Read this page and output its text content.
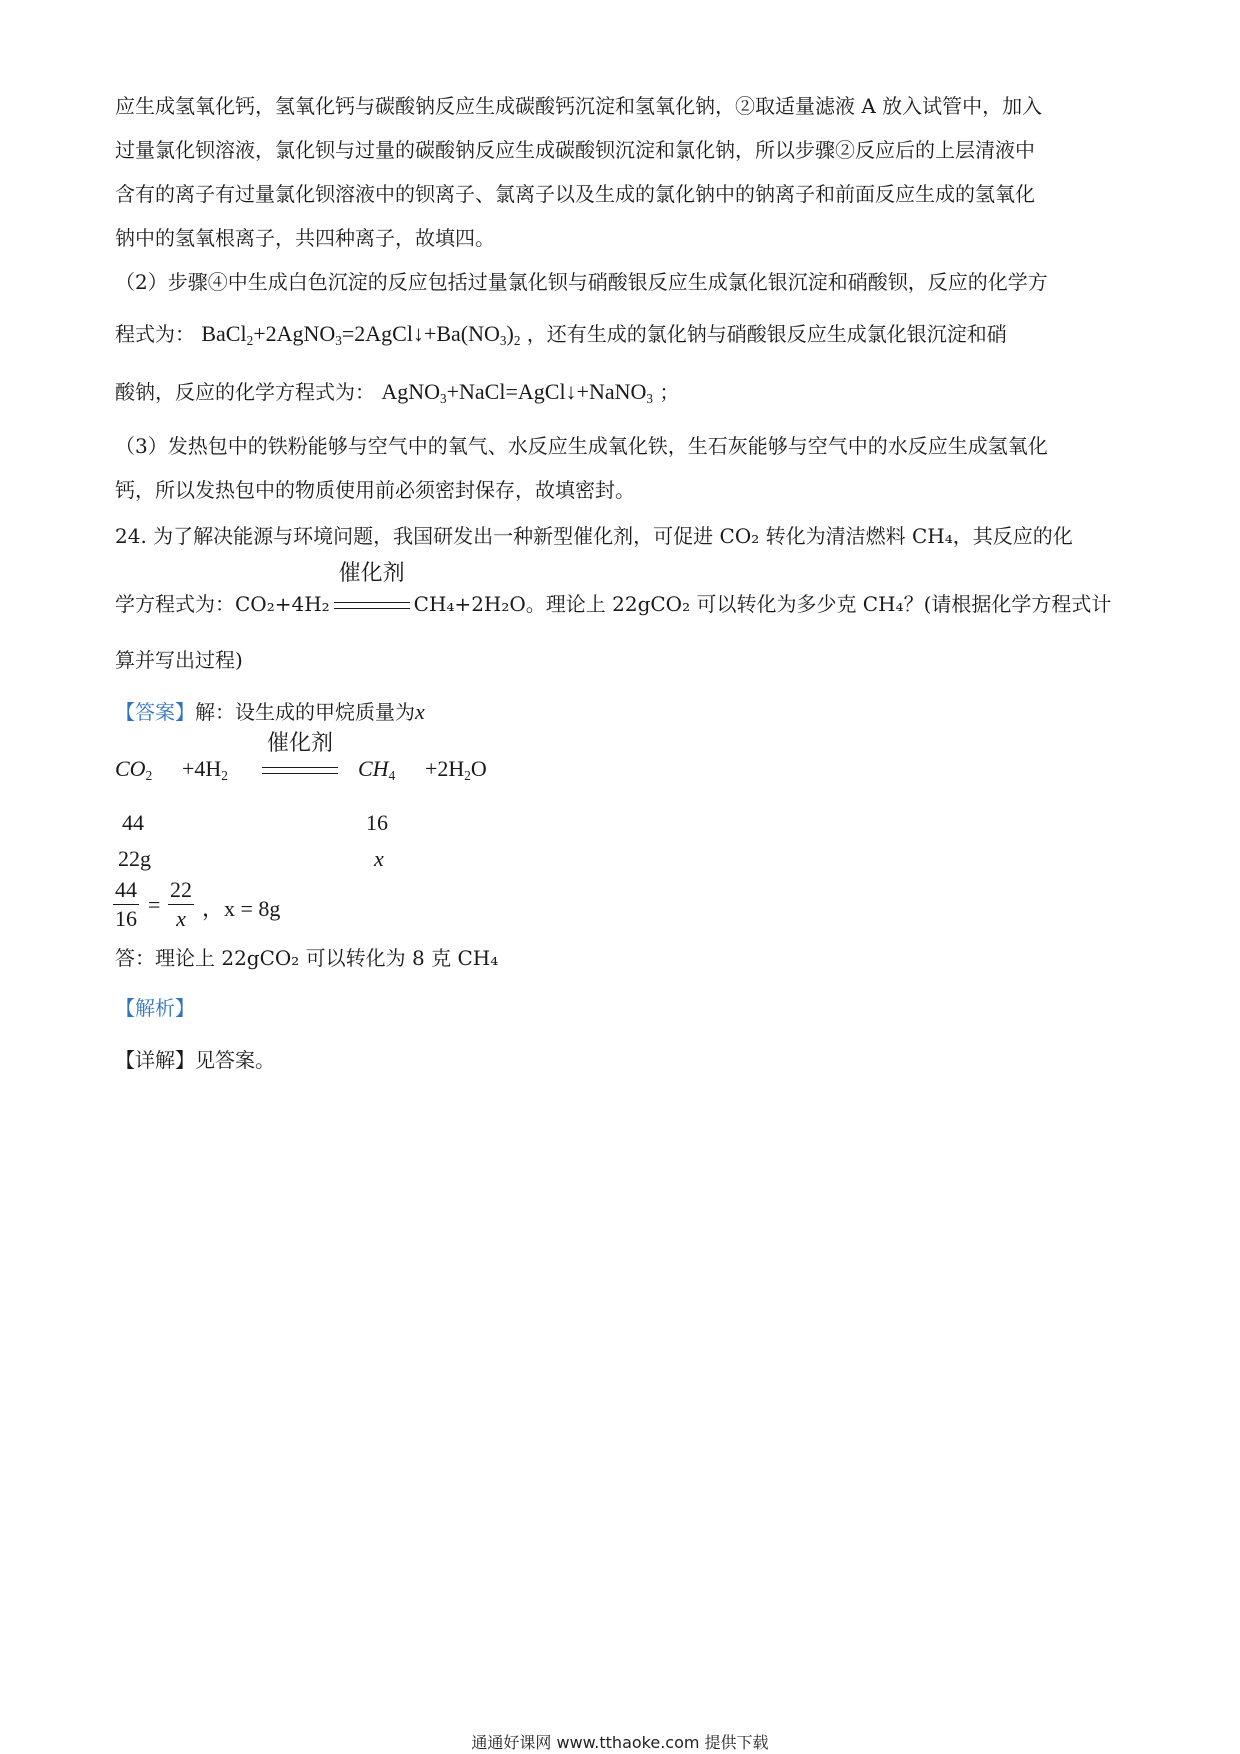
应生成氢氧化钙，氢氧化钙与碳酸钠反应生成碳酸钙沉淀和氢氧化钠，②取适量滤液 A 放入试管中，加入
过量氯化钡溶液，氯化钡与过量的碳酸钠反应生成碳酸钡沉淀和氯化钠，所以步骤②反应后的上层清液中
含有的离子有过量氯化钡溶液中的钡离子、氯离子以及生成的氯化钠中的钠离子和前面反应生成的氢氧化
钠中的氢氧根离子，共四种离子，故填四。
（2）步骤④中生成白色沉淀的反应包括过量氯化钡与硝酸银反应生成氯化银沉淀和硝酸钡，反应的化学方
程式为： $BaCl_2+2AgNO_3=2AgCl↓+Ba(NO_3)_2$ ，还有生成的氯化钠与硝酸银反应生成氯化银沉淀和硝
酸钠，反应的化学方程式为： AgNO$_3$+NaCl=AgCl↓+NaNO$_3$ ；
（3）发热包中的铁粉能够与空气中的氧气、水反应生成氧化铁，生石灰能够与空气中的水反应生成氢氧化
钙，所以发热包中的物质使用前必须密封保存，故填密封。
24. 为了解决能源与环境问题，我国研发出一种新型催化剂，可促进 CO₂ 转化为清洁燃料 CH₄，其反应的化
学方程式为：CO₂+4H₂
催化剂
CH₄+2H₂O。理论上 22gCO₂ 可以转化为多少克 CH₄？(请根据化学方程式计
算并写出过程)
【答案】解：设生成的甲烷质量为x
$CO_2 +4H_2$
催化剂
$CH_4 +2H_2O$
44	16
22g	x
$\frac{44}{16} = \frac{22}{x}$ ，x = 8g
答：理论上 22gCO₂ 可以转化为 8 克 CH₄
【解析】
【详解】见答案。
通通好课网 www.tthaoke.com 提供下载
